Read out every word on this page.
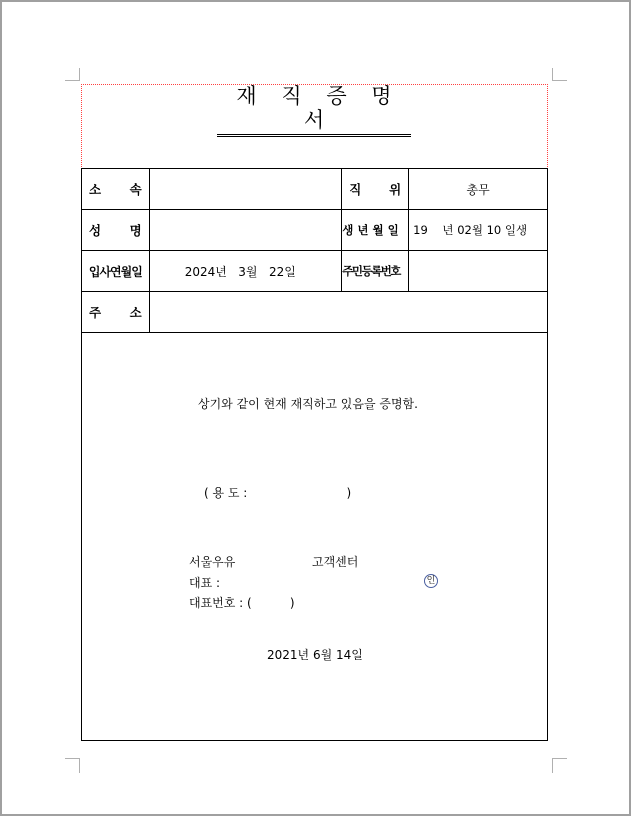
재 직 증 명 서
소 속		직 위	총무

성 명		생 년 월 일	19    년 02월 10 일생
입사연월일	2024년   3월   22일	주민등록번호	

주 소			

상기와 같이 현재 재직하고 있음을 증명함.
( 용 도 :                          )
서울우유	고객센터
대표 :	인
대표번호 : (          )
2021년 6월 14일
